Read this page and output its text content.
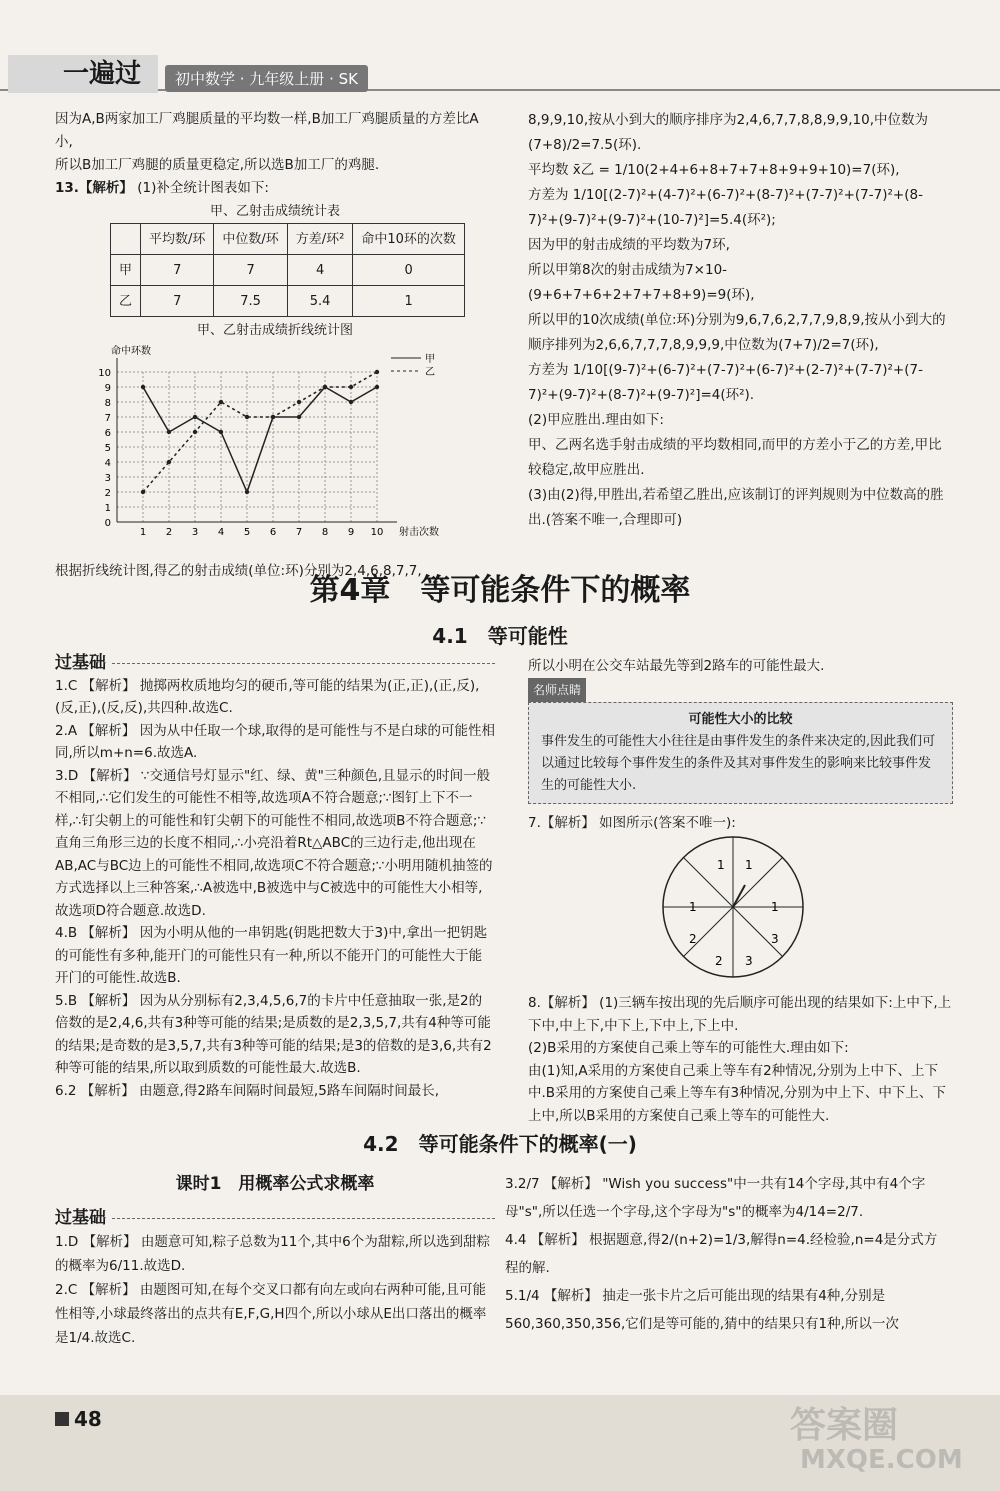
一遍过	初中数学 · 九年级上册 · SK

因为A,B两家加工厂鸡腿质量的平均数一样,B加工厂鸡腿质量的方差比A小,

所以B加工厂鸡腿的质量更稳定,所以选B加工厂的鸡腿.

13.【解析】 (1)补全统计图表如下:

甲、乙射击成绩统计表
	平均数/环	中位数/环	方差/环²	命中10环的次数
甲	7	7	4	0
乙	7	7.5	5.4	1
甲、乙射击成绩折线统计图
0
1
2
3
4
5
6
7
8
9
10
1 2 3 4 5 6 7 8 9 10
命中环数
射击次数
甲
乙

根据折线统计图,得乙的射击成绩(单位:环)分别为2,4,6,8,7,7,

8,9,9,10,按从小到大的顺序排序为2,4,6,7,7,8,8,9,9,10,中位数为(7+8)/2=7.5(环).

平均数 x̄乙 = 1/10(2+4+6+8+7+7+8+9+9+10)=7(环),

方差为 1/10[(2-7)²+(4-7)²+(6-7)²+(8-7)²+(7-7)²+(7-7)²+(8-7)²+(9-7)²+(9-7)²+(10-7)²]=5.4(环²);

因为甲的射击成绩的平均数为7环,

所以甲第8次的射击成绩为7×10-(9+6+7+6+2+7+7+8+9)=9(环),

所以甲的10次成绩(单位:环)分别为9,6,7,6,2,7,7,9,8,9,按从小到大的顺序排列为2,6,6,7,7,7,8,9,9,9,中位数为(7+7)/2=7(环),

方差为 1/10[(9-7)²+(6-7)²+(7-7)²+(6-7)²+(2-7)²+(7-7)²+(7-7)²+(9-7)²+(8-7)²+(9-7)²]=4(环²).

(2)甲应胜出.理由如下:

甲、乙两名选手射击成绩的平均数相同,而甲的方差小于乙的方差,甲比较稳定,故甲应胜出.

(3)由(2)得,甲胜出,若希望乙胜出,应该制订的评判规则为中位数高的胜出.(答案不唯一,合理即可)

第4章　等可能条件下的概率
4.1　等可能性
过基础

1.C 【解析】 抛掷两枚质地均匀的硬币,等可能的结果为(正,正),(正,反),(反,正),(反,反),共四种.故选C.

2.A 【解析】 因为从中任取一个球,取得的是可能性与不是白球的可能性相同,所以m+n=6.故选A.

3.D 【解析】 ∵交通信号灯显示"红、绿、黄"三种颜色,且显示的时间一般不相同,∴它们发生的可能性不相等,故选项A不符合题意;∵图钉上下不一样,∴钉尖朝上的可能性和钉尖朝下的可能性不相同,故选项B不符合题意;∵直角三角形三边的长度不相同,∴小亮沿着Rt△ABC的三边行走,他出现在AB,AC与BC边上的可能性不相同,故选项C不符合题意;∵小明用随机抽签的方式选择以上三种答案,∴A被选中,B被选中与C被选中的可能性大小相等,故选项D符合题意.故选D.

4.B 【解析】 因为小明从他的一串钥匙(钥匙把数大于3)中,拿出一把钥匙的可能性有多种,能开门的可能性只有一种,所以不能开门的可能性大于能开门的可能性.故选B.

5.B 【解析】 因为从分别标有2,3,4,5,6,7的卡片中任意抽取一张,是2的倍数的是2,4,6,共有3种等可能的结果;是质数的是2,3,5,7,共有4种等可能的结果;是奇数的是3,5,7,共有3种等可能的结果;是3的倍数的是3,6,共有2种等可能的结果,所以取到质数的可能性最大.故选B.

6.2 【解析】 由题意,得2路车间隔时间最短,5路车间隔时间最长,

所以小明在公交车站最先等到2路车的可能性最大.

名师点睛
可能性大小的比较
事件发生的可能性大小往往是由事件发生的条件来决定的,因此我们可以通过比较每个事件发生的条件及其对事件发生的影响来比较事件发生的可能性大小.

7.【解析】 如图所示(答案不唯一):

1 1
1	1
2
2
3
3

8.【解析】 (1)三辆车按出现的先后顺序可能出现的结果如下:上中下,上下中,中上下,中下上,下中上,下上中.

(2)B采用的方案使自己乘上等车的可能性大.理由如下:

由(1)知,A采用的方案使自己乘上等车有2种情况,分别为上中下、上下中.B采用的方案使自己乘上等车有3种情况,分别为中上下、中下上、下上中,所以B采用的方案使自己乘上等车的可能性大.

4.2　等可能条件下的概率(一)
课时1　用概率公式求概率
过基础

1.D 【解析】 由题意可知,粽子总数为11个,其中6个为甜粽,所以选到甜粽的概率为6/11.故选D.

2.C 【解析】 由题图可知,在每个交叉口都有向左或向右两种可能,且可能性相等,小球最终落出的点共有E,F,G,H四个,所以小球从E出口落出的概率是1/4.故选C.

3.2/7 【解析】 "Wish you success"中一共有14个字母,其中有4个字母"s",所以任选一个字母,这个字母为"s"的概率为4/14=2/7.

4.4 【解析】 根据题意,得2/(n+2)=1/3,解得n=4.经检验,n=4是分式方程的解.

5.1/4 【解析】 抽走一张卡片之后可能出现的结果有4种,分别是560,360,350,356,它们是等可能的,猜中的结果只有1种,所以一次

48	答案圈
MXQE.COM
